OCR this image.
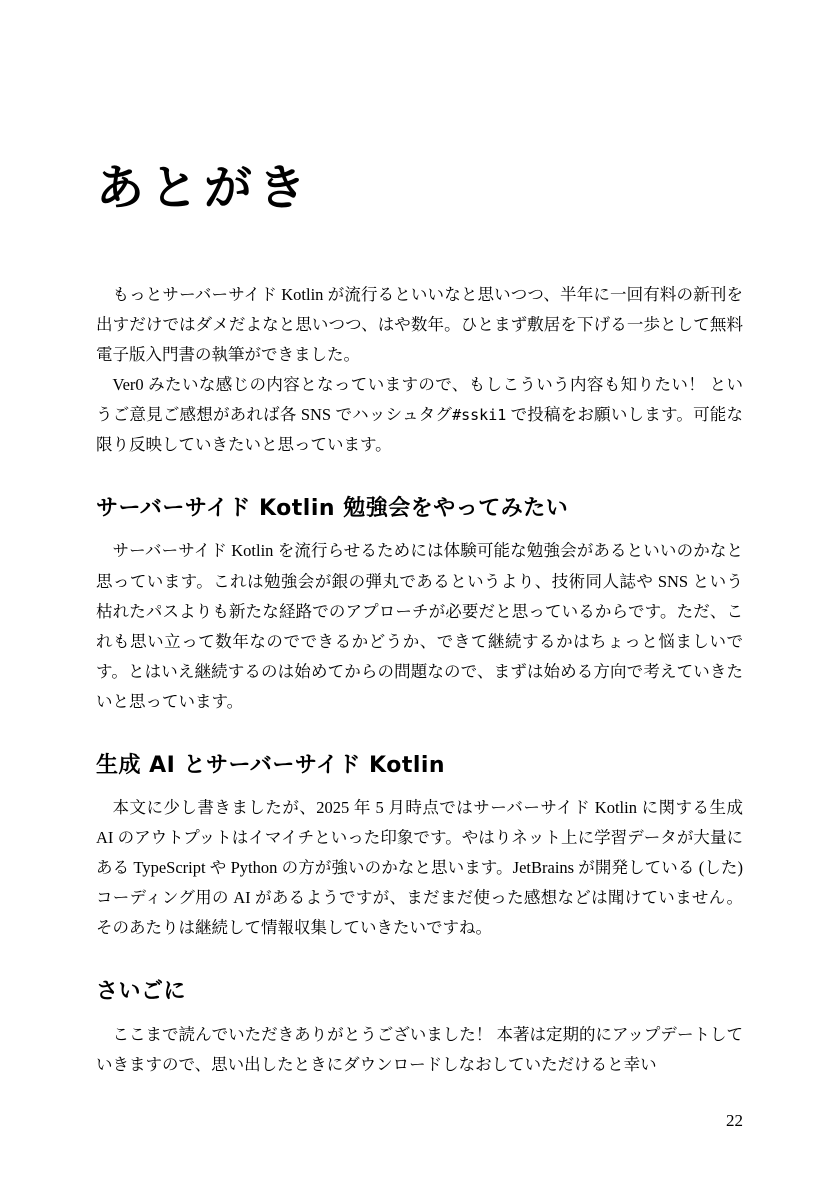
あとがき

もっとサーバーサイド Kotlin が流行るといいなと思いつつ、半年に一回有料の新刊を出すだけではダメだよなと思いつつ、はや数年。ひとまず敷居を下げる一歩として無料電子版入門書の執筆ができました。

Ver0 みたいな感じの内容となっていますので、もしこういう内容も知りたい！ というご意見ご感想があれば各 SNS でハッシュタグ#sski1 で投稿をお願いします。可能な限り反映していきたいと思っています。

サーバーサイド Kotlin 勉強会をやってみたい

サーバーサイド Kotlin を流行らせるためには体験可能な勉強会があるといいのかなと思っています。これは勉強会が銀の弾丸であるというより、技術同人誌や SNS という枯れたパスよりも新たな経路でのアプローチが必要だと思っているからです。ただ、これも思い立って数年なのでできるかどうか、できて継続するかはちょっと悩ましいです。とはいえ継続するのは始めてからの問題なので、まずは始める方向で考えていきたいと思っています。

生成 AI とサーバーサイド Kotlin

本文に少し書きましたが、2025 年 5 月時点ではサーバーサイド Kotlin に関する生成 AI のアウトプットはイマイチといった印象です。やはりネット上に学習データが大量にある TypeScript や Python の方が強いのかなと思います。JetBrains が開発している (した) コーディング用の AI があるようですが、まだまだ使った感想などは聞けていません。そのあたりは継続して情報収集していきたいですね。

さいごに

ここまで読んでいただきありがとうございました！ 本著は定期的にアップデートしていきますので、思い出したときにダウンロードしなおしていただけると幸い

22
